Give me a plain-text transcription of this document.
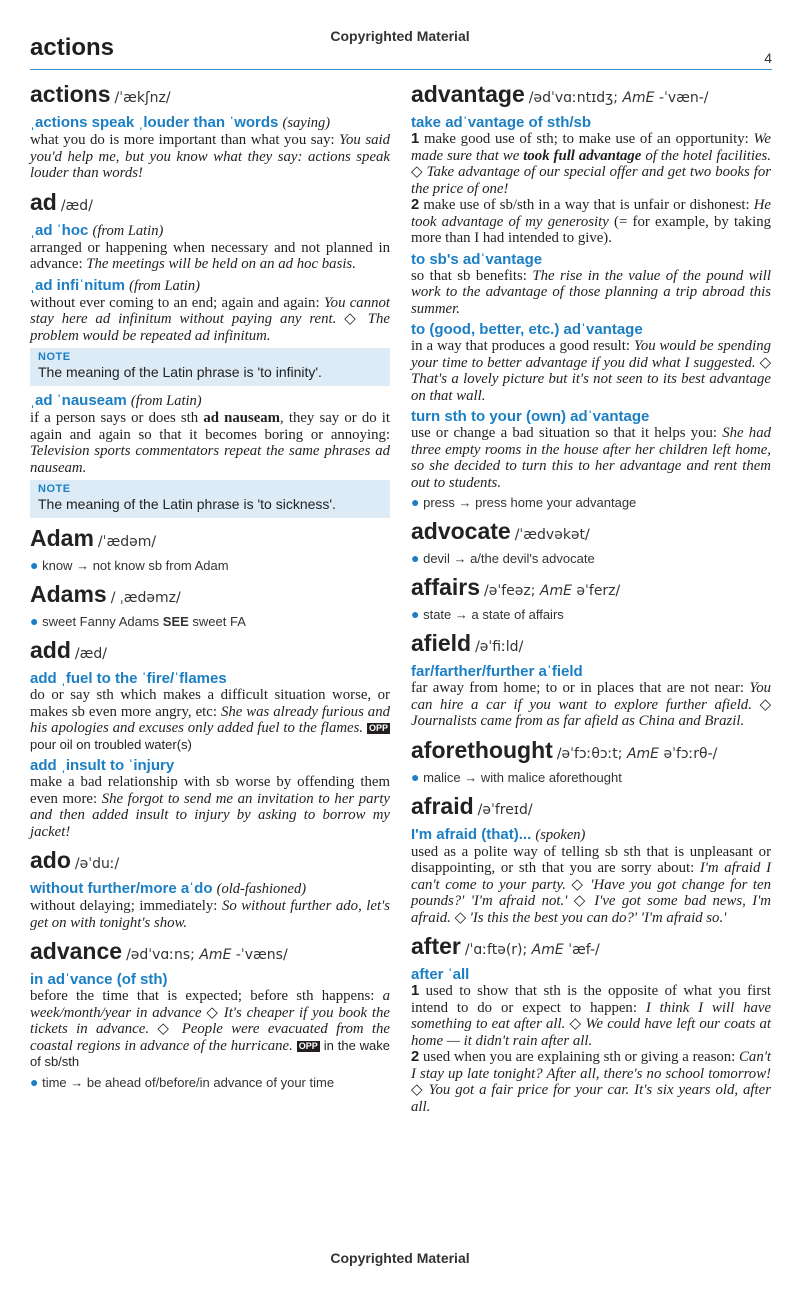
Copyrighted Material
actions	4
actions /ˈækʃnz/
ˌactions speak ˌlouder than ˈwords (saying)
what you do is more important than what you say: You said you'd help me, but you know what they say: actions speak louder than words!
ad /æd/
ˌad ˈhoc (from Latin)
arranged or happening when necessary and not planned in advance: The meetings will be held on an ad hoc basis.
ˌad infiˈnitum (from Latin)
without ever coming to an end; again and again: You cannot stay here ad infinitum without paying any rent. ◇ The problem would be repeated ad infinitum.
NOTE
The meaning of the Latin phrase is 'to infinity'.
ˌad ˈnauseam (from Latin)
if a person says or does sth ad nauseam, they say or do it again and again so that it becomes boring or annoying: Television sports commentators repeat the same phrases ad nauseam.
NOTE
The meaning of the Latin phrase is 'to sickness'.
Adam /ˈædəm/
● know → not know sb from Adam
Adams / ˌædəmz/
● sweet Fanny Adams SEE sweet FA
add /æd/
add ˌfuel to the ˈfire/ˈflames
do or say sth which makes a difficult situation worse, or makes sb even more angry, etc: She was already furious and his apologies and excuses only added fuel to the flames. OPP pour oil on troubled water(s)
add ˌinsult to ˈinjury
make a bad relationship with sb worse by offending them even more: She forgot to send me an invitation to her party and then added insult to injury by asking to borrow my jacket!
ado /əˈduː/
without further/more aˈdo (old-fashioned)
without delaying; immediately: So without further ado, let's get on with tonight's show.
advance /ədˈvɑːns; AmE -ˈvæns/
in adˈvance (of sth)
before the time that is expected; before sth happens: a week/month/year in advance ◇ It's cheaper if you book the tickets in advance. ◇ People were evacuated from the coastal regions in advance of the hurricane. OPP in the wake of sb/sth
● time → be ahead of/before/in advance of your time
advantage /ədˈvɑːntɪdʒ; AmE -ˈvæn-/
take adˈvantage of sth/sb
1 make good use of sth; to make use of an opportunity: We made sure that we took full advantage of the hotel facilities. ◇ Take advantage of our special offer and get two books for the price of one!
2 make use of sb/sth in a way that is unfair or dishonest: He took advantage of my generosity (= for example, by taking more than I had intended to give).
to sb's adˈvantage
so that sb benefits: The rise in the value of the pound will work to the advantage of those planning a trip abroad this summer.
to (good, better, etc.) adˈvantage
in a way that produces a good result: You would be spending your time to better advantage if you did what I suggested. ◇ That's a lovely picture but it's not seen to its best advantage on that wall.
turn sth to your (own) adˈvantage
use or change a bad situation so that it helps you: She had three empty rooms in the house after her children left home, so she decided to turn this to her advantage and rent them out to students.
● press → press home your advantage
advocate /ˈædvəkət/
● devil → a/the devil's advocate
affairs /əˈfeəz; AmE əˈferz/
● state → a state of affairs
afield /əˈfiːld/
far/farther/further aˈfield
far away from home; to or in places that are not near: You can hire a car if you want to explore further afield. ◇ Journalists came from as far afield as China and Brazil.
aforethought /əˈfɔːθɔːt; AmE əˈfɔːrθ-/
● malice → with malice aforethought
afraid /əˈfreɪd/
I'm afraid (that)... (spoken)
used as a polite way of telling sb sth that is unpleasant or disappointing, or sth that you are sorry about: I'm afraid I can't come to your party. ◇ 'Have you got change for ten pounds?' 'I'm afraid not.' ◇ I've got some bad news, I'm afraid. ◇ 'Is this the best you can do?' 'I'm afraid so.'
after /ˈɑːftə(r); AmE ˈæf-/
after ˈall
1 used to show that sth is the opposite of what you first intend to do or expect to happen: I think I will have something to eat after all. ◇ We could have left our coats at home — it didn't rain after all.
2 used when you are explaining sth or giving a reason: Can't I stay up late tonight? After all, there's no school tomorrow! ◇ You got a fair price for your car. It's six years old, after all.
Copyrighted Material
